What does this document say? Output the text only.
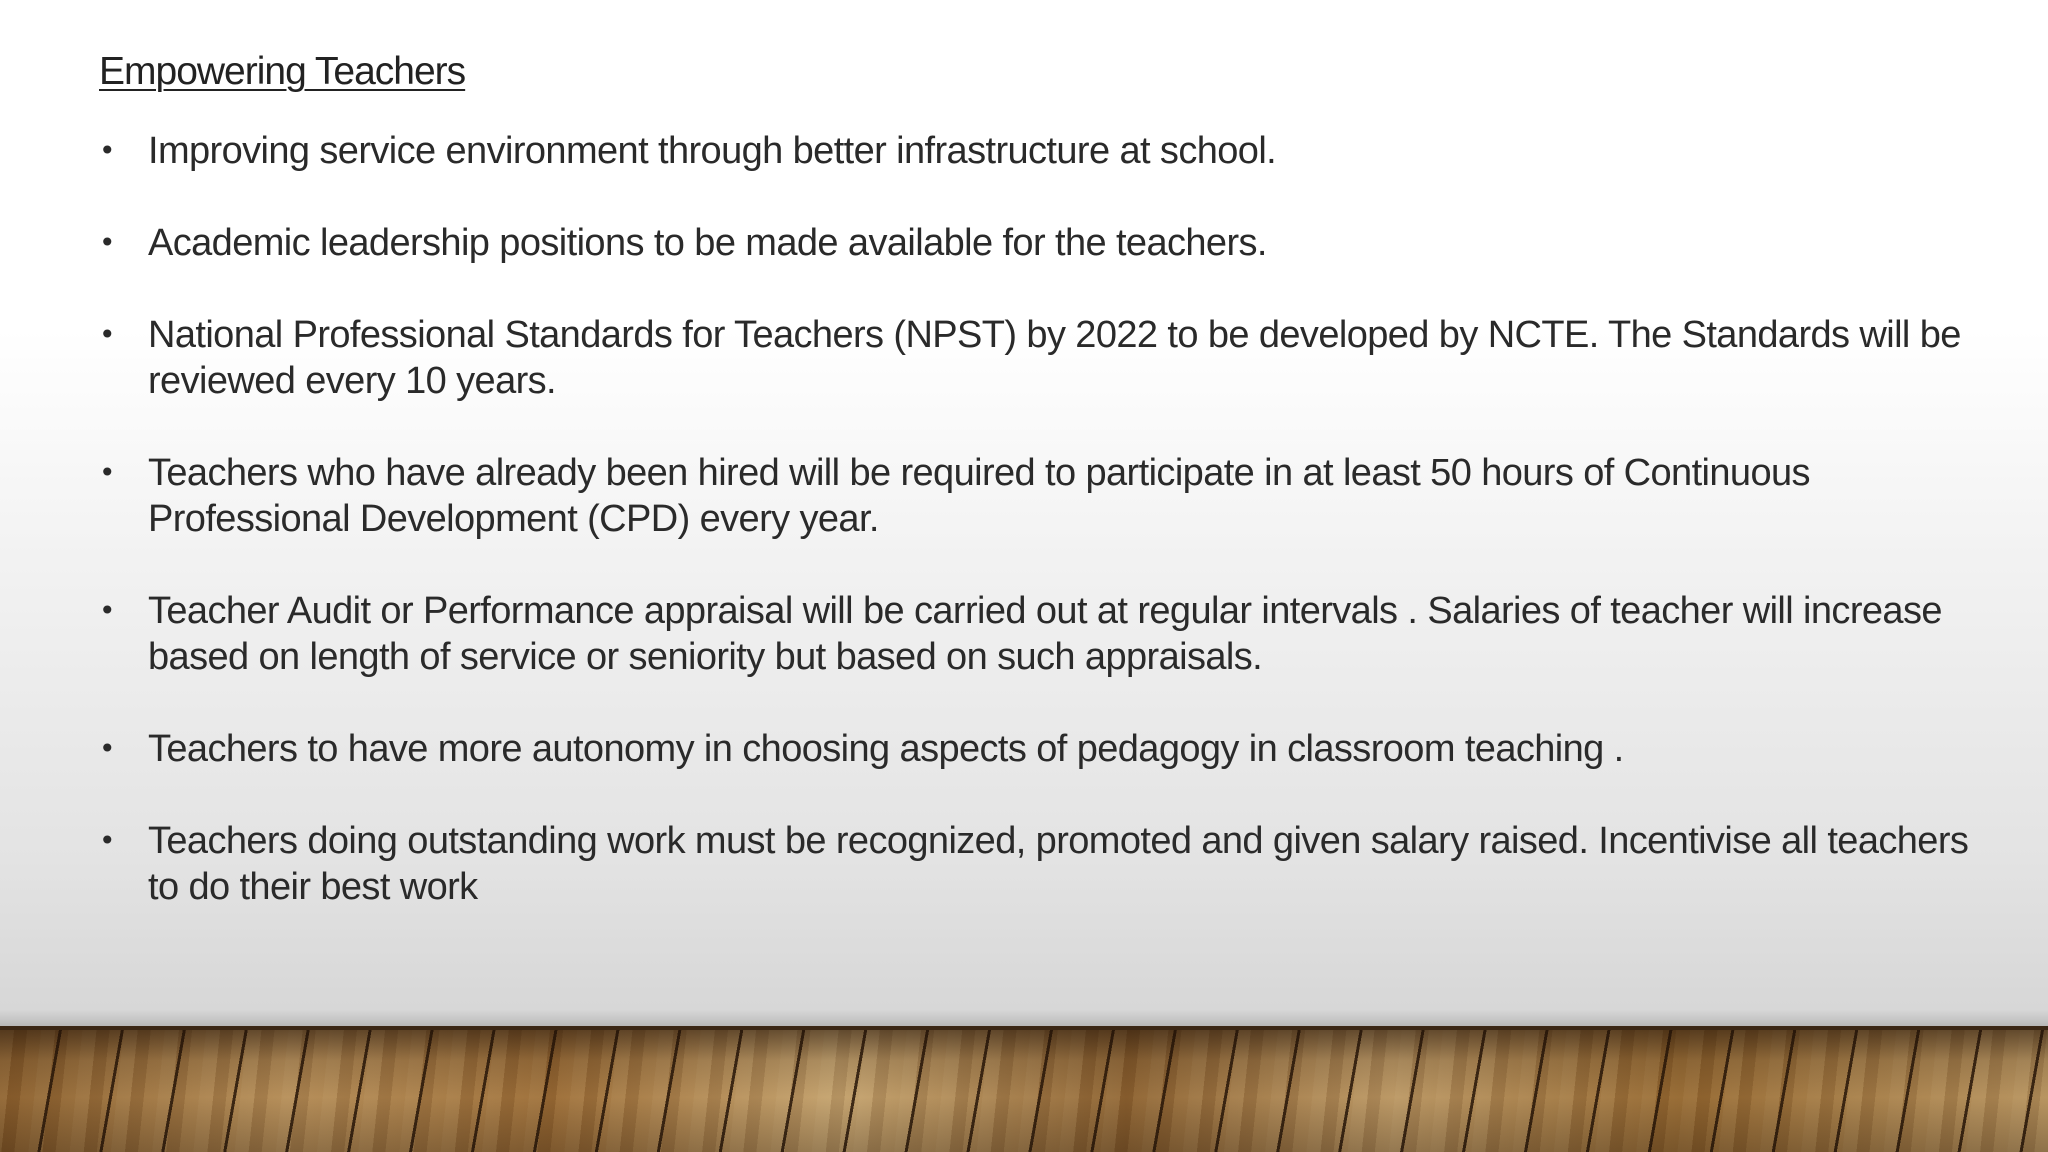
Empowering Teachers
• Improving service environment through better infrastructure at school.
• Academic leadership positions to be made available for the teachers.
• National Professional Standards for Teachers (NPST) by 2022 to be developed by NCTE. The Standards will be reviewed every 10 years.
• Teachers who have already been hired will be required to participate in at least 50 hours of Continuous Professional Development (CPD) every year.
• Teacher Audit or Performance appraisal will be carried out at regular intervals . Salaries of teacher will increase based on length of service or seniority but based on such appraisals.
• Teachers to have more autonomy in choosing aspects of pedagogy in classroom teaching .
• Teachers doing outstanding work must be recognized, promoted and given salary raised. Incentivise all teachers to do their best work
